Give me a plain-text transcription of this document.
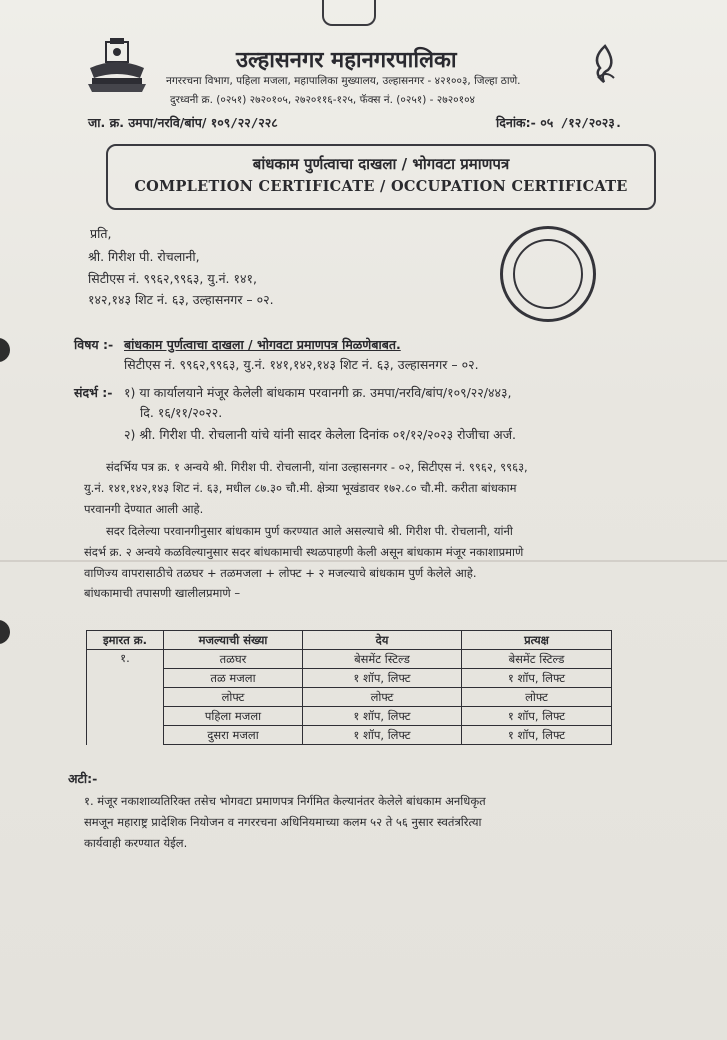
उल्हासनगर महानगरपालिका

नगररचना विभाग, पहिला मजला, महापालिका मुख्यालय, उल्हासनगर - ४२१००३, जिल्हा ठाणे.

दुरध्वनी क्र. (०२५१) २७२०१०५, २७२०११६-१२५, फॅक्स नं. (०२५१) - २७२०१०४

जा. क्र. उमपा/नरवि/बांप/ १०९/२२/२२८	दिनांक:- ०५ /१२/२०२३.

बांधकाम पुर्णत्वाचा दाखला / भोगवटा प्रमाणपत्र
COMPLETION CERTIFICATE / OCCUPATION CERTIFICATE

प्रति,

श्री. गिरीश पी. रोचलानी,

सिटीएस नं. ९९६२,९९६३, यु.नं. १४१,

१४२,१४३ शिट नं. ६३, उल्हासनगर – ०२.

विषय :- बांधकाम पुर्णत्वाचा दाखला / भोगवटा प्रमाणपत्र मिळणेबाबत.

सिटीएस नं. ९९६२,९९६३, यु.नं. १४१,१४२,१४३ शिट नं. ६३, उल्हासनगर – ०२.

संदर्भ :- १) या कार्यालयाने मंजूर केलेली बांधकाम परवानगी क्र. उमपा/नरवि/बांप/१०९/२२/४४३,

दि. १६/११/२०२२.

२) श्री. गिरीश पी. रोचलानी यांचे यांनी सादर केलेला दिनांक ०१/१२/२०२३ रोजीचा अर्ज.

संदर्भिय पत्र क्र. १ अन्वये श्री. गिरीश पी. रोचलानी, यांना उल्हासनगर - ०२, सिटीएस नं. ९९६२, ९९६३,

यु.नं. १४१,१४२,१४३ शिट नं. ६३, मधील ८७.३० चौ.मी. क्षेत्र्या भूखंडावर १७२.८० चौ.मी. करीता बांधकाम

परवानगी देण्यात आली आहे.

सदर दिलेल्या परवानगीनुसार बांधकाम पुर्ण करण्यात आले असल्याचे श्री. गिरीश पी. रोचलानी, यांनी

संदर्भ क्र. २ अन्वये कळविल्यानुसार सदर बांधकामाची स्थळपाहणी केली असून बांधकाम मंजूर नकाशाप्रमाणे

वाणिज्य वापरासाठीचे तळघर + तळमजला + लोफ्ट + २ मजल्याचे बांधकाम पुर्ण केलेले आहे.

बांधकामाची तपासणी खालीलप्रमाणे –

इमारत क्र.	मजल्याची संख्या	देय	प्रत्यक्ष
१.	तळघर	बेसमेंट स्टिल्ड	बेसमेंट स्टिल्ड
	तळ मजला	१ शॉप, लिफ्ट	१ शॉप, लिफ्ट
	लोफ्ट	लोफ्ट	लोफ्ट
	पहिला मजला	१ शॉप, लिफ्ट	१ शॉप, लिफ्ट
	दुसरा मजला	१ शॉप, लिफ्ट	१ शॉप, लिफ्ट

अटी:-

१. मंजूर नकाशाव्यतिरिक्त तसेच भोगवटा प्रमाणपत्र निर्गमित केल्यानंतर केलेले बांधकाम अनधिकृत

समजून महाराष्ट्र प्रादेशिक नियोजन व नगररचना अधिनियमाच्या कलम ५२ ते ५६ नुसार स्वतंत्ररित्या

कार्यवाही करण्यात येईल.
